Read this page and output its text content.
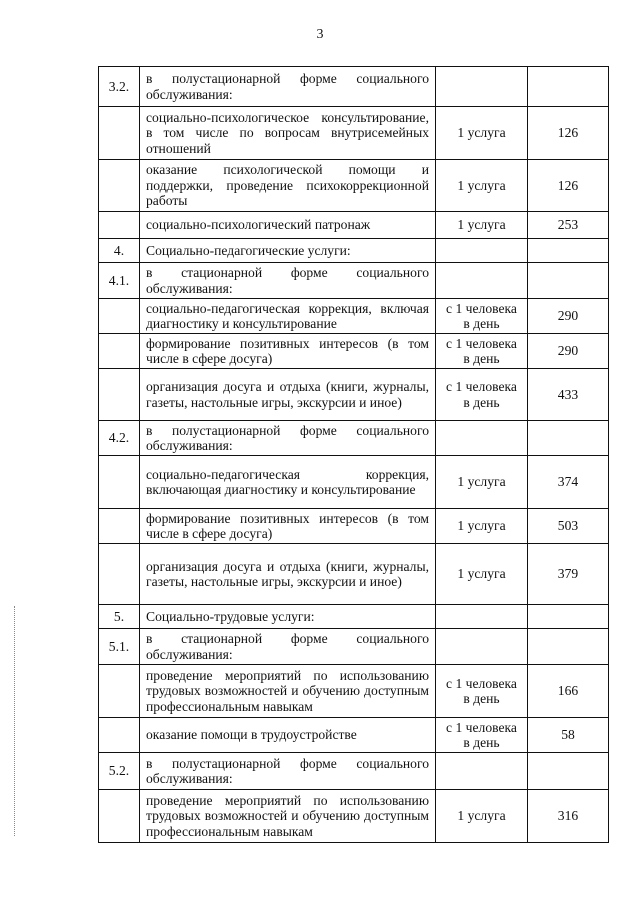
3
3.2.	в полустационарной форме социального обслуживания:		
	социально-психологическое консультирование, в том числе по вопросам внутрисемейных отношений	1 услуга	126
	оказание психологической помощи и поддержки, проведение психокоррекционной работы	1 услуга	126
	социально-психологический патронаж	1 услуга	253
4.	Социально-педагогические услуги:		
4.1.	в стационарной форме социального обслуживания:		
	социально-педагогическая коррекция, включая диагностику и консультирование	с 1 человека в день	290
	формирование позитивных интересов (в том числе в сфере досуга)	с 1 человека в день	290
	организация досуга и отдыха (книги, журналы, газеты, настольные игры, экскурсии и иное)	с 1 человека в день	433
4.2.	в полустационарной форме социального обслуживания:		
	социально-педагогическая коррекция, включающая диагностику и консультирование	1 услуга	374
	формирование позитивных интересов (в том числе в сфере досуга)	1 услуга	503
	организация досуга и отдыха (книги, журналы, газеты, настольные игры, экскурсии и иное)	1 услуга	379
5.	Социально-трудовые услуги:		
5.1.	в стационарной форме социального обслуживания:		
	проведение мероприятий по использованию трудовых возможностей и обучению доступным профессиональным навыкам	с 1 человека в день	166
	оказание помощи в трудоустройстве	с 1 человека в день	58
5.2.	в полустационарной форме социального обслуживания:		
	проведение мероприятий по использованию трудовых возможностей и обучению доступным профессиональным навыкам	1 услуга	316
